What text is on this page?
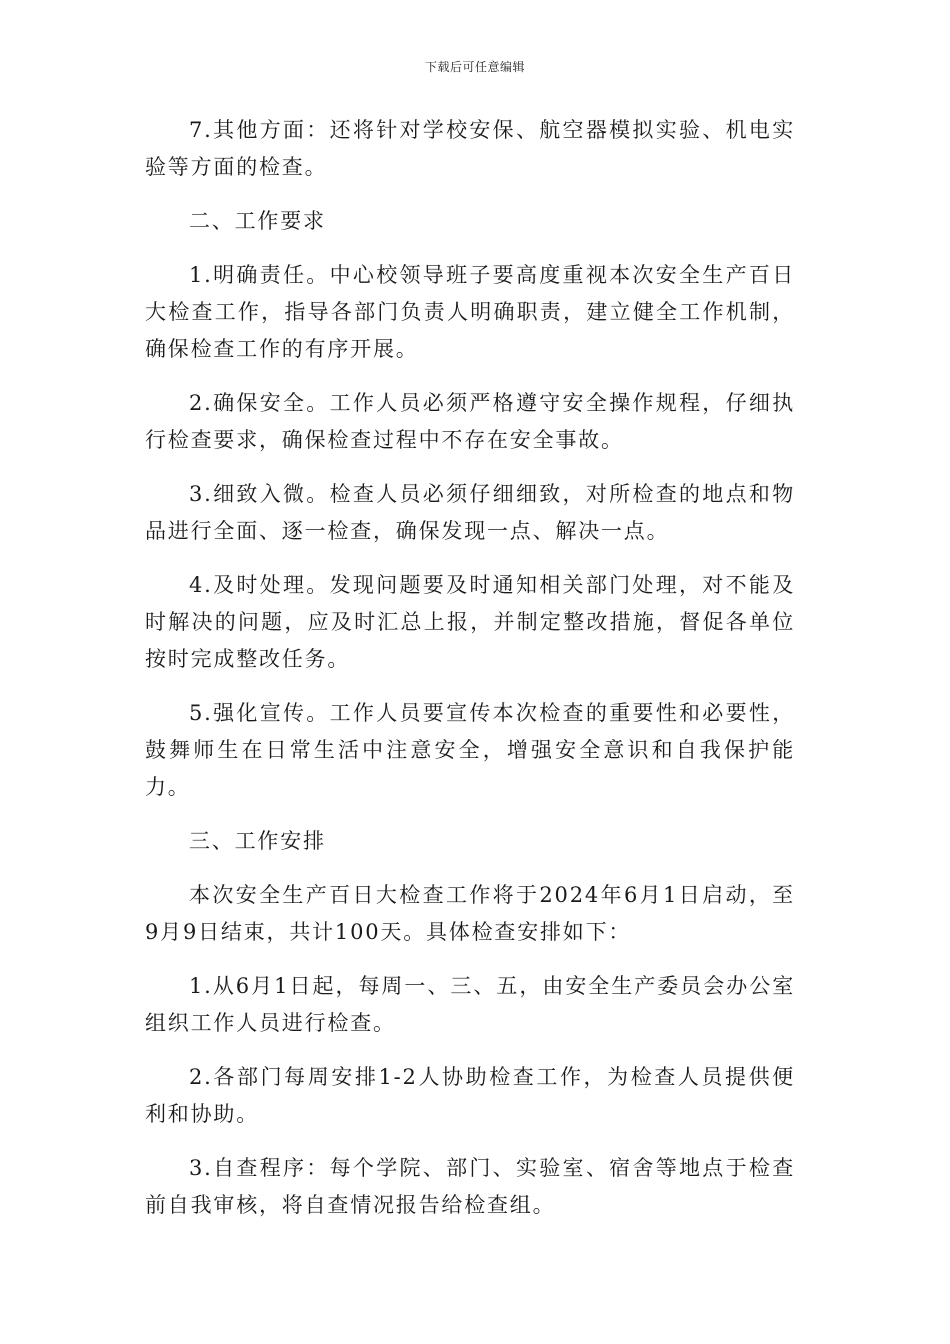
下载后可任意编辑

7.其他方面：还将针对学校安保、航空器模拟实验、机电实验等方面的检查。

二、工作要求

1.明确责任。中心校领导班子要高度重视本次安全生产百日大检查工作，指导各部门负责人明确职责，建立健全工作机制，确保检查工作的有序开展。

2.确保安全。工作人员必须严格遵守安全操作规程，仔细执行检查要求，确保检查过程中不存在安全事故。

3.细致入微。检查人员必须仔细细致，对所检查的地点和物品进行全面、逐一检查，确保发现一点、解决一点。

4.及时处理。发现问题要及时通知相关部门处理，对不能及时解决的问题，应及时汇总上报，并制定整改措施，督促各单位按时完成整改任务。

5.强化宣传。工作人员要宣传本次检查的重要性和必要性，鼓舞师生在日常生活中注意安全，增强安全意识和自我保护能力。

三、工作安排

本次安全生产百日大检查工作将于2024年6月1日启动，至9月9日结束，共计100天。具体检查安排如下：

1.从6月1日起，每周一、三、五，由安全生产委员会办公室组织工作人员进行检查。

2.各部门每周安排1-2人协助检查工作，为检查人员提供便利和协助。

3.自查程序：每个学院、部门、实验室、宿舍等地点于检查前自我审核，将自查情况报告给检查组。
